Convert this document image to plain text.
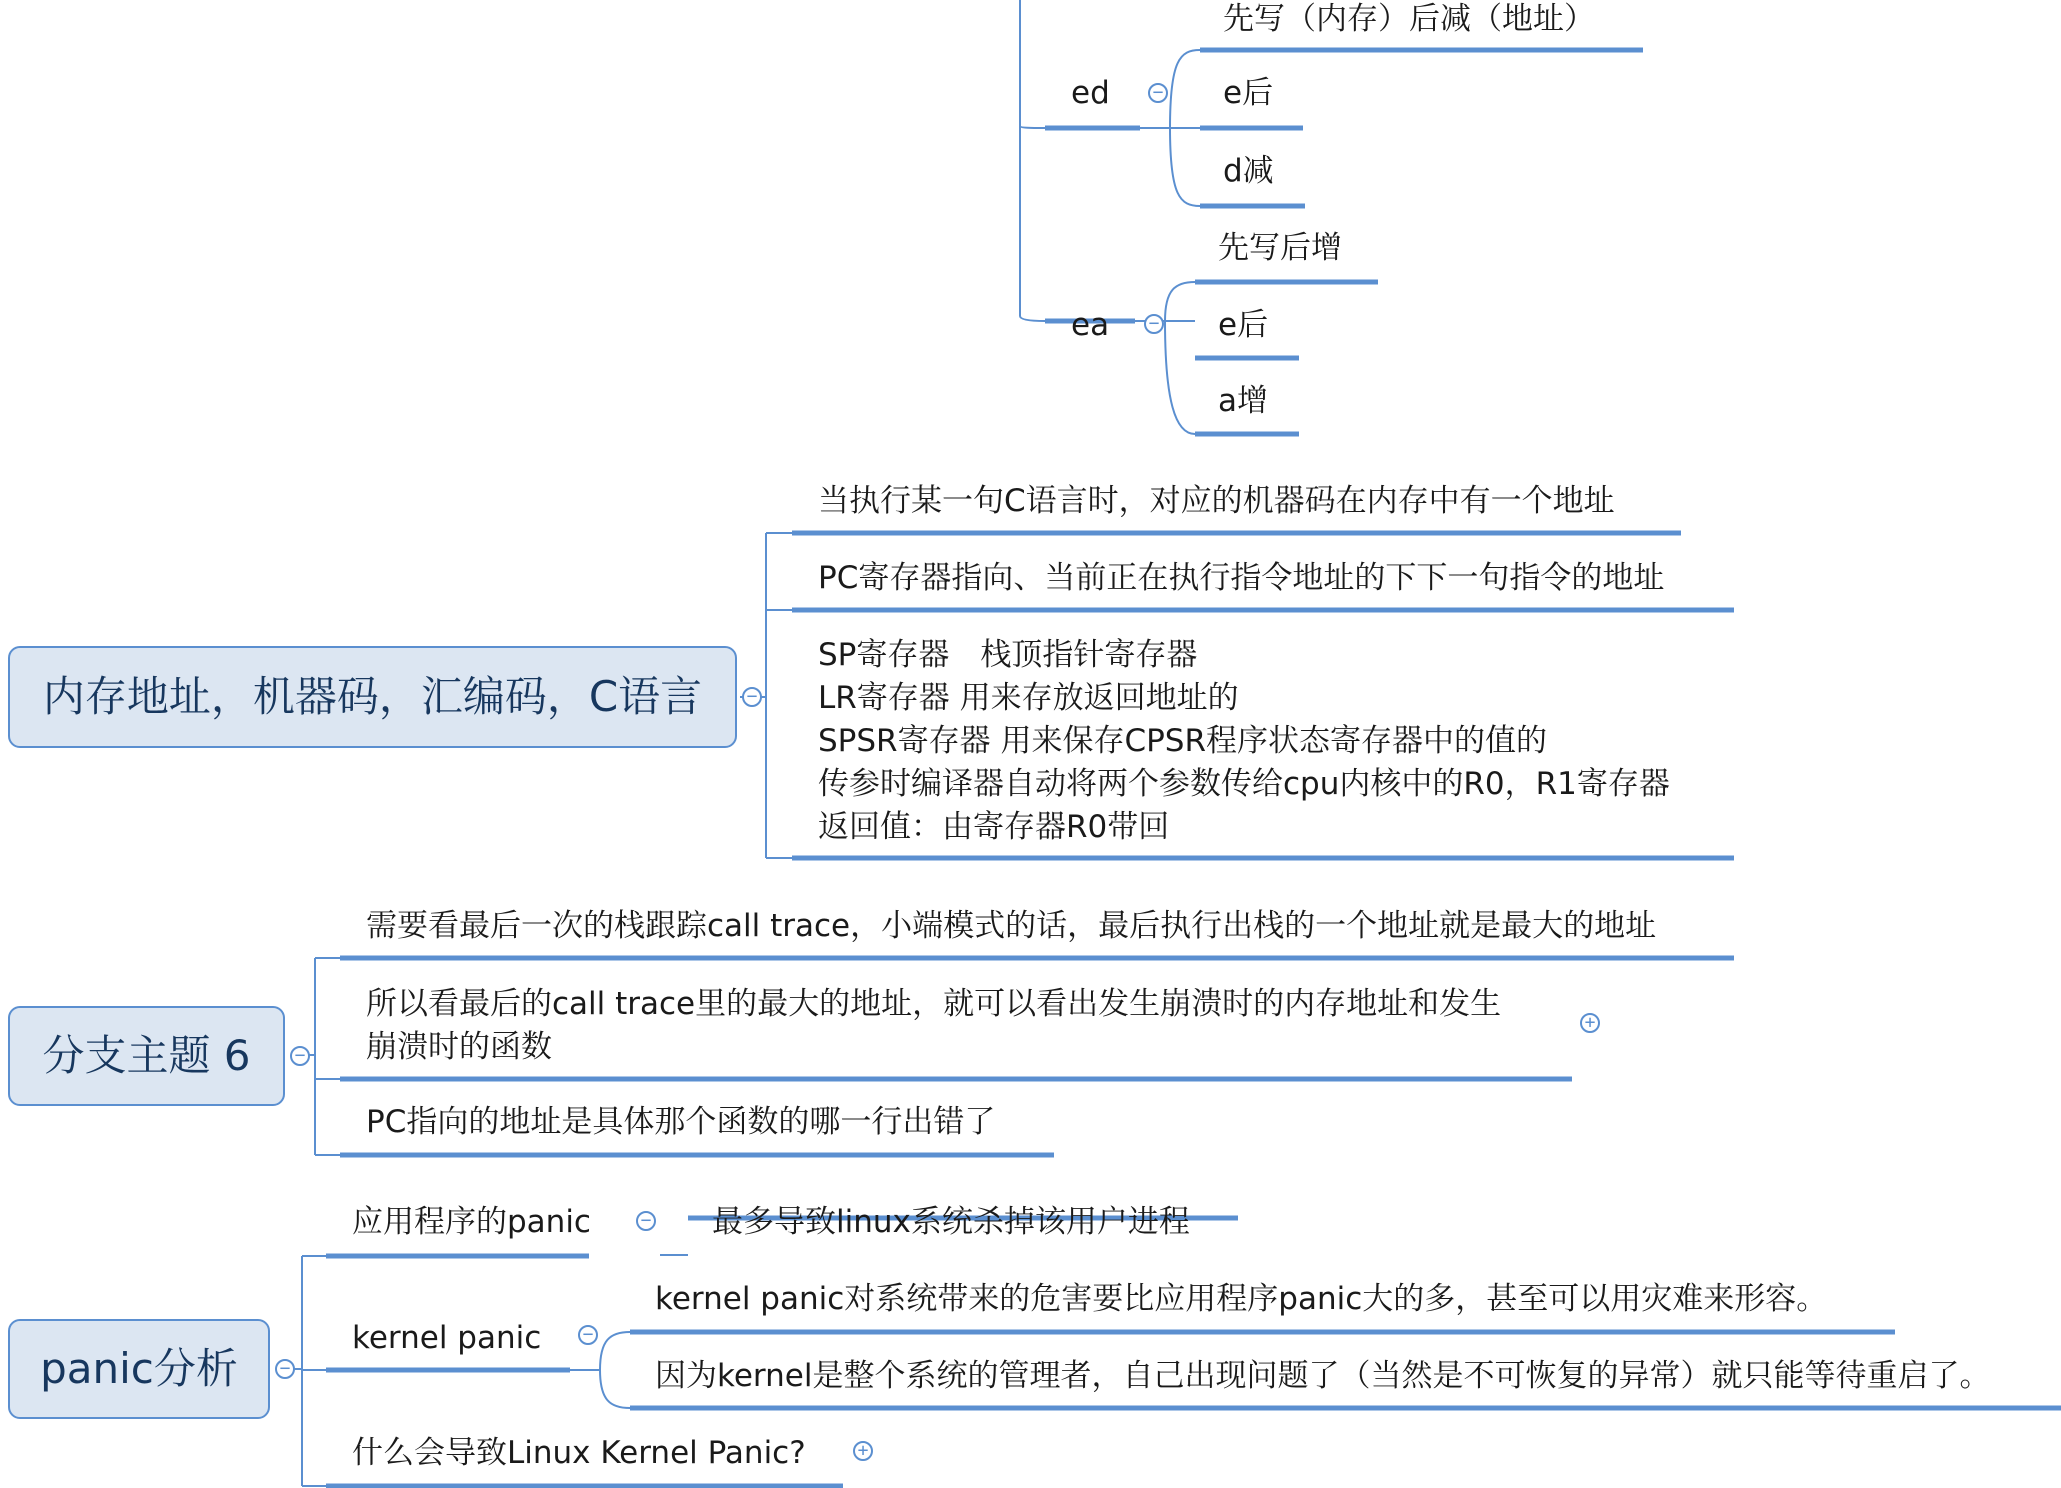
ed −
先写（内存）后减（地址）
e后
d减
ea −
先写后增
e后
a增
内存地址，机器码，汇编码，C语言	−
当执行某一句C语言时，对应的机器码在内存中有一个地址
PC寄存器指向、当前正在执行指令地址的下下一句指令的地址
SP寄存器　栈顶指针寄存器
LR寄存器 用来存放返回地址的
SPSR寄存器 用来保存CPSR程序状态寄存器中的值的
传参时编译器自动将两个参数传给cpu内核中的R0，R1寄存器
返回值：由寄存器R0带回
分支主题 6	−
需要看最后一次的栈跟踪call trace，小端模式的话，最后执行出栈的一个地址就是最大的地址
所以看最后的call trace里的最大的地址，就可以看出发生崩溃时的内存地址和发生
崩溃时的函数
+
PC指向的地址是具体那个函数的哪一行出错了
panic分析	−
应用程序的panic	− 最多导致linux系统杀掉该用户进程
kernel panic −
kernel panic对系统带来的危害要比应用程序panic大的多，甚至可以用灾难来形容。
因为kernel是整个系统的管理者，自己出现问题了（当然是不可恢复的异常）就只能等待重启了。
什么会导致Linux Kernel Panic?	+
